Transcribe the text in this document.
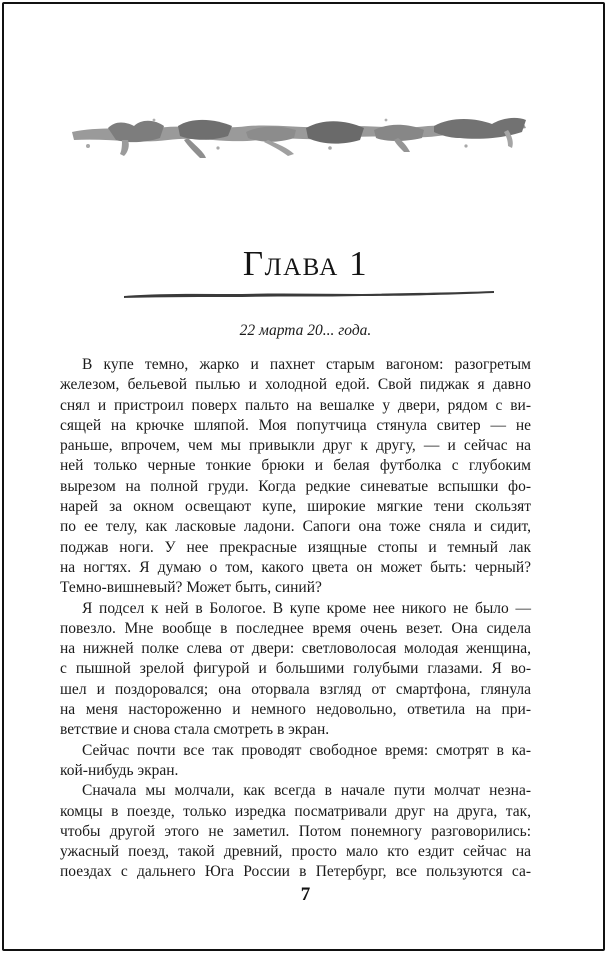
Глава 1
22 марта 20... года.
В купе темно, жарко и пахнет старым вагоном: разогретым
железом, бельевой пылью и холодной едой. Свой пиджак я давно
снял и пристроил поверх пальто на вешалке у двери, рядом с ви-
сящей на крючке шляпой. Моя попутчица стянула свитер — не
раньше, впрочем, чем мы привыкли друг к другу, — и сейчас на
ней только черные тонкие брюки и белая футболка с глубоким
вырезом на полной груди. Когда редкие синеватые вспышки фо-
нарей за окном освещают купе, широкие мягкие тени скользят
по ее телу, как ласковые ладони. Сапоги она тоже сняла и сидит,
поджав ноги. У нее прекрасные изящные стопы и темный лак
на ногтях. Я думаю о том, какого цвета он может быть: черный?
Темно-вишневый? Может быть, синий?
Я подсел к ней в Бологое. В купе кроме нее никого не было —
повезло. Мне вообще в последнее время очень везет. Она сидела
на нижней полке слева от двери: светловолосая молодая женщина,
с пышной зрелой фигурой и большими голубыми глазами. Я во-
шел и поздоровался; она оторвала взгляд от смартфона, глянула
на меня настороженно и немного недовольно, ответила на при-
ветствие и снова стала смотреть в экран.
Сейчас почти все так проводят свободное время: смотрят в ка-
кой-нибудь экран.
Сначала мы молчали, как всегда в начале пути молчат незна-
комцы в поезде, только изредка посматривали друг на друга, так,
чтобы другой этого не заметил. Потом понемногу разговорились:
ужасный поезд, такой древний, просто мало кто ездит сейчас на
поездах с дальнего Юга России в Петербург, все пользуются са-
7
